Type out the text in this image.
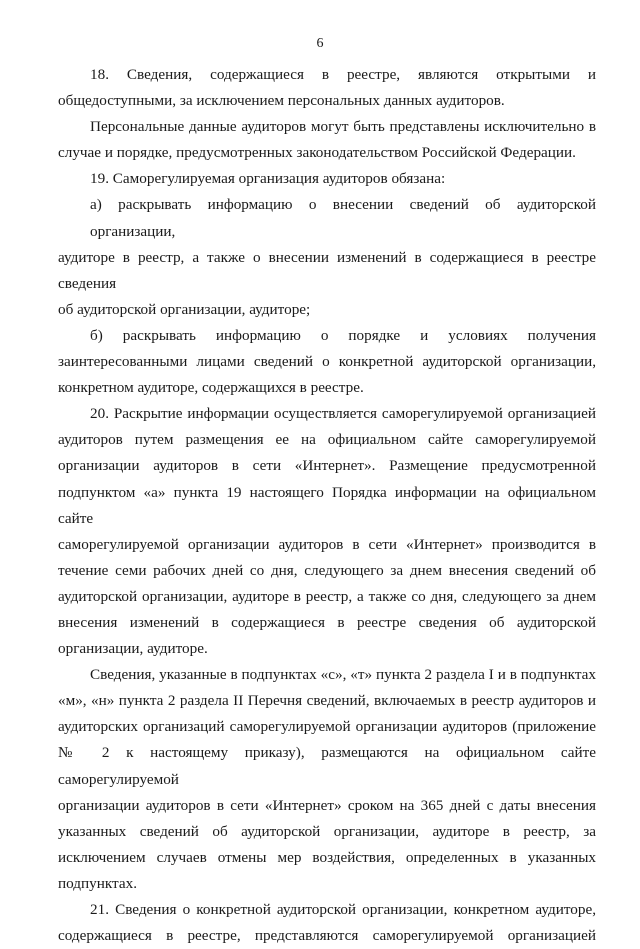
6
18. Сведения, содержащиеся в реестре, являются открытыми и
общедоступными, за исключением персональных данных аудиторов.
Персональные данные аудиторов могут быть представлены исключительно в
случае и порядке, предусмотренных законодательством Российской Федерации.
19. Саморегулируемая организация аудиторов обязана:
а) раскрывать информацию о внесении сведений об аудиторской организации,
аудиторе в реестр, а также о внесении изменений в содержащиеся в реестре сведения
об аудиторской организации, аудиторе;
б) раскрывать информацию о порядке и условиях получения
заинтересованными лицами сведений о конкретной аудиторской организации,
конкретном аудиторе, содержащихся в реестре.
20. Раскрытие информации осуществляется саморегулируемой организацией
аудиторов путем размещения ее на официальном сайте саморегулируемой
организации аудиторов в сети «Интернет». Размещение предусмотренной
подпунктом «а» пункта 19 настоящего Порядка информации на официальном сайте
саморегулируемой организации аудиторов в сети «Интернет» производится в
течение семи рабочих дней со дня, следующего за днем внесения сведений об
аудиторской организации, аудиторе в реестр, а также со дня, следующего за днем
внесения изменений в содержащиеся в реестре сведения об аудиторской
организации, аудиторе.
Сведения, указанные в подпунктах «с», «т» пункта 2 раздела I и в подпунктах
«м», «н» пункта 2 раздела II Перечня сведений, включаемых в реестр аудиторов и
аудиторских организаций саморегулируемой организации аудиторов (приложение
№ 2 к настоящему приказу), размещаются на официальном сайте саморегулируемой
организации аудиторов в сети «Интернет» сроком на 365 дней с даты внесения
указанных сведений об аудиторской организации, аудиторе в реестр, за
исключением случаев отмены мер воздействия, определенных в указанных
подпунктах.
21. Сведения о конкретной аудиторской организации, конкретном аудиторе,
содержащиеся в реестре, представляются саморегулируемой организацией
